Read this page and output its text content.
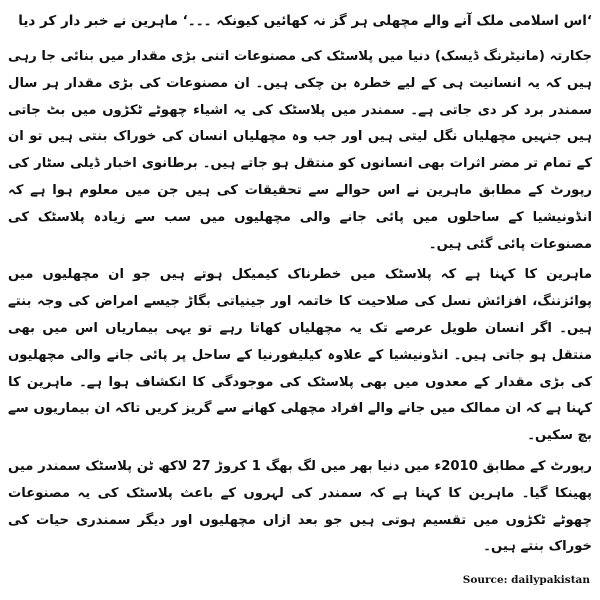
‘اس اسلامی ملک آنے والے مچھلی ہر گز نہ کھائیں کیونکہ ۔۔۔‘ ماہرین نے خبر دار کر دیا

جکارتہ (مانیٹرنگ ڈیسک) دنیا میں پلاسٹک کی مصنوعات اتنی بڑی مقدار میں بنائی جا رہی ہیں کہ یہ انسانیت ہی کے لیے خطرہ بن چکی ہیں۔ ان مصنوعات کی بڑی مقدار ہر سال سمندر برد کر دی جاتی ہے۔ سمندر میں پلاسٹک کی یہ اشیاء چھوٹے ٹکڑوں میں بٹ جاتی ہیں جنہیں مچھلیاں نگل لیتی ہیں اور جب وہ مچھلیاں انسان کی خوراک بنتی ہیں تو ان کے تمام تر مضر اثرات بھی انسانوں کو منتقل ہو جاتے ہیں۔ برطانوی اخبار ڈیلی سٹار کی رپورٹ کے مطابق ماہرین نے اس حوالے سے تحقیقات کی ہیں جن میں معلوم ہوا ہے کہ انڈونیشیا کے ساحلوں میں پائی جانے والی مچھلیوں میں سب سے زیادہ پلاسٹک کی مصنوعات پائی گئی ہیں۔

ماہرین کا کہنا ہے کہ پلاسٹک میں خطرناک کیمیکل ہوتے ہیں جو ان مچھلیوں میں پوائزننگ، افزائش نسل کی صلاحیت کا خاتمہ اور جینیاتی بگاڑ جیسے امراض کی وجہ بنتے ہیں۔ اگر انسان طویل عرصے تک یہ مچھلیاں کھاتا رہے تو یہی بیماریاں اس میں بھی منتقل ہو جاتی ہیں۔ انڈونیشیا کے علاوہ کیلیفورنیا کے ساحل پر پائی جانے والی مچھلیوں کی بڑی مقدار کے معدوں میں بھی پلاسٹک کی موجودگی کا انکشاف ہوا ہے۔ ماہرین کا کہنا ہے کہ ان ممالک میں جانے والے افراد مچھلی کھانے سے گریز کریں تاکہ ان بیماریوں سے بچ سکیں۔

رپورٹ کے مطابق 2010ء میں دنیا بھر میں لگ بھگ 1 کروڑ 27 لاکھ ٹن پلاسٹک سمندر میں پھینکا گیا۔ ماہرین کا کہنا ہے کہ سمندر کی لہروں کے باعث پلاسٹک کی یہ مصنوعات چھوٹے ٹکڑوں میں تقسیم ہوتی ہیں جو بعد ازاں مچھلیوں اور دیگر سمندری حیات کی خوراک بنتے ہیں۔

Source: dailypakistan
